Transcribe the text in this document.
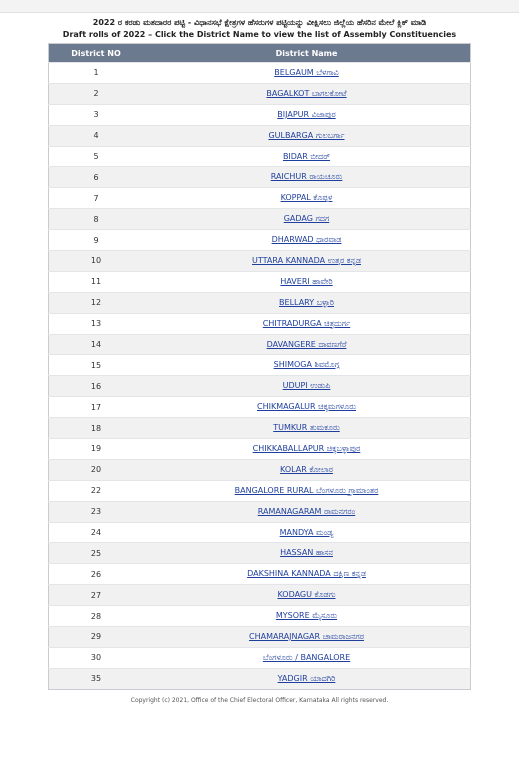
2022 ರ ಕರಡು ಮತದಾರರ ಪಟ್ಟಿ - ವಿಧಾನಸಭೆ ಕ್ಷೇತ್ರಗಳ ಹೆಸರುಗಳ ಪಟ್ಟಿಯನ್ನು ವೀಕ್ಷಿಸಲು ಜಿಲ್ಲೆಯ ಹೆಸರಿನ ಮೇಲೆ ಕ್ಲಿಕ್ ಮಾಡಿ
Draft rolls of 2022 – Click the District Name to view the list of Assembly Constituencies
District NO	District Name
1	BELGAUM ಬೆಳಗಾವಿ
2	BAGALKOT ಬಾಗಲಕೋಟೆ
3	BIJAPUR ವಿಜಾಪುರ
4	GULBARGA ಗುಲಬರ್ಗಾ
5	BIDAR ಬೀದರ್
6	RAICHUR ರಾಯಚೂರು
7	KOPPAL ಕೊಪ್ಪಳ
8	GADAG ಗದಗ
9	DHARWAD ಧಾರವಾಡ
10	UTTARA KANNADA ಉತ್ತರ ಕನ್ನಡ
11	HAVERI ಹಾವೇರಿ
12	BELLARY ಬಳ್ಳಾರಿ
13	CHITRADURGA ಚಿತ್ರದುರ್ಗ
14	DAVANGERE ದಾವಣಗೆರೆ
15	SHIMOGA ಶಿವಮೊಗ್ಗ
16	UDUPI ಉಡುಪಿ
17	CHIKMAGALUR ಚಿಕ್ಕಮಗಳೂರು
18	TUMKUR ತುಮಕೂರು
19	CHIKKABALLAPUR ಚಿಕ್ಕಬಳ್ಳಾಪುರ
20	KOLAR ಕೋಲಾರ
22	BANGALORE RURAL ಬೆಂಗಳೂರು ಗ್ರಾಮಾಂತರ
23	RAMANAGARAM ರಾಮನಗರಂ
24	MANDYA ಮಂಡ್ಯ
25	HASSAN ಹಾಸನ
26	DAKSHINA KANNADA ದಕ್ಷಿಣ ಕನ್ನಡ
27	KODAGU ಕೊಡಗು
28	MYSORE ಮೈಸೂರು
29	CHAMARAJNAGAR ಚಾಮರಾಜನಗರ
30	ಬೆಂಗಳೂರು / BANGALORE
35	YADGIR ಯಾದಗಿರಿ
Copyright (c) 2021, Office of the Chief Electoral Officer, Karnataka All rights reserved.
